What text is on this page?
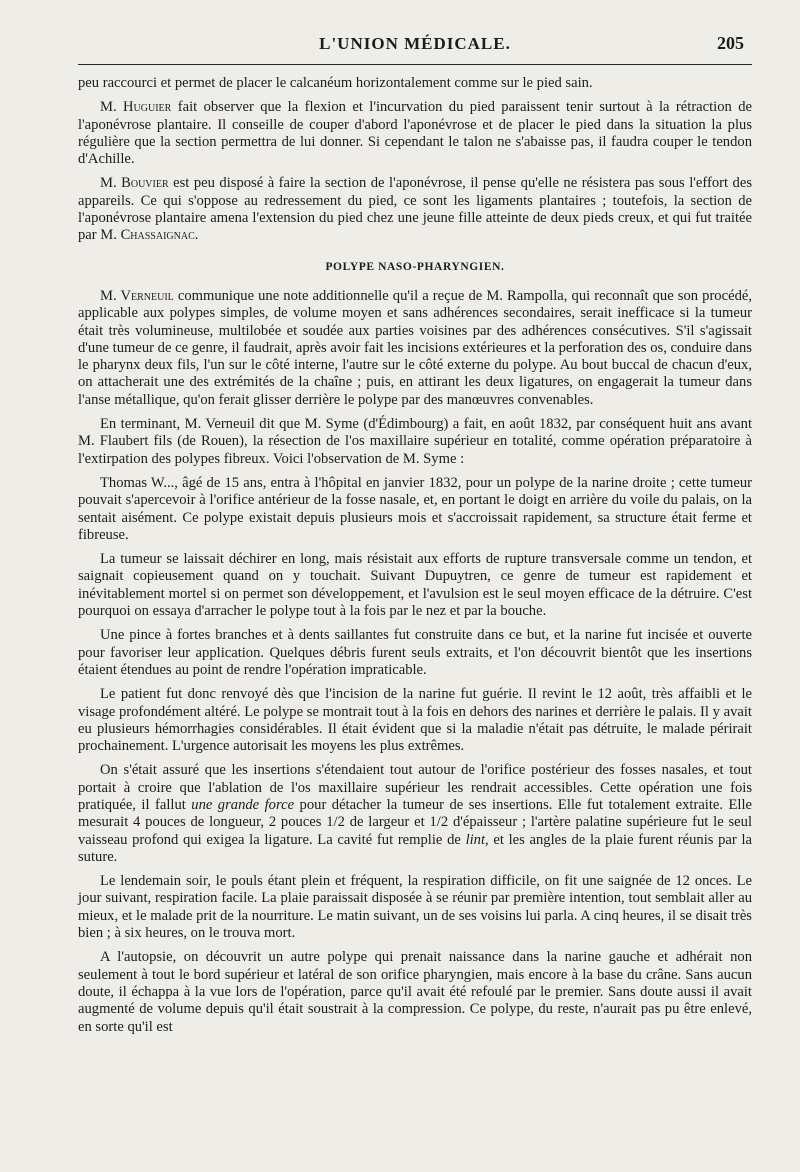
L'UNION MÉDICALE.	205

peu raccourci et permet de placer le calcanéum horizontalement comme sur le pied sain.

M. Huguier fait observer que la flexion et l'incurvation du pied paraissent tenir surtout à la rétraction de l'aponévrose plantaire. Il conseille de couper d'abord l'aponévrose et de placer le pied dans la situation la plus régulière que la section permettra de lui donner. Si cependant le talon ne s'abaisse pas, il faudra couper le tendon d'Achille.

M. Bouvier est peu disposé à faire la section de l'aponévrose, il pense qu'elle ne résistera pas sous l'effort des appareils. Ce qui s'oppose au redressement du pied, ce sont les ligaments plantaires ; toutefois, la section de l'aponévrose plantaire amena l'extension du pied chez une jeune fille atteinte de deux pieds creux, et qui fut traitée par M. Chassaignac.

POLYPE NASO-PHARYNGIEN.

M. Verneuil communique une note additionnelle qu'il a reçue de M. Rampolla, qui reconnaît que son procédé, applicable aux polypes simples, de volume moyen et sans adhérences secondaires, serait inefficace si la tumeur était très volumineuse, multilobée et soudée aux parties voisines par des adhérences consécutives. S'il s'agissait d'une tumeur de ce genre, il faudrait, après avoir fait les incisions extérieures et la perforation des os, conduire dans le pharynx deux fils, l'un sur le côté interne, l'autre sur le côté externe du polype. Au bout buccal de chacun d'eux, on attacherait une des extrémités de la chaîne ; puis, en attirant les deux ligatures, on engagerait la tumeur dans l'anse métallique, qu'on ferait glisser derrière le polype par des manœuvres convenables.

En terminant, M. Verneuil dit que M. Syme (d'Édimbourg) a fait, en août 1832, par conséquent huit ans avant M. Flaubert fils (de Rouen), la résection de l'os maxillaire supérieur en totalité, comme opération préparatoire à l'extirpation des polypes fibreux. Voici l'observation de M. Syme :

Thomas W..., âgé de 15 ans, entra à l'hôpital en janvier 1832, pour un polype de la narine droite ; cette tumeur pouvait s'apercevoir à l'orifice antérieur de la fosse nasale, et, en portant le doigt en arrière du voile du palais, on la sentait aisément. Ce polype existait depuis plusieurs mois et s'accroissait rapidement, sa structure était ferme et fibreuse.

La tumeur se laissait déchirer en long, mais résistait aux efforts de rupture transversale comme un tendon, et saignait copieusement quand on y touchait. Suivant Dupuytren, ce genre de tumeur est rapidement et inévitablement mortel si on permet son développement, et l'avulsion est le seul moyen efficace de la détruire. C'est pourquoi on essaya d'arracher le polype tout à la fois par le nez et par la bouche.

Une pince à fortes branches et à dents saillantes fut construite dans ce but, et la narine fut incisée et ouverte pour favoriser leur application. Quelques débris furent seuls extraits, et l'on découvrit bientôt que les insertions étaient étendues au point de rendre l'opération impraticable.

Le patient fut donc renvoyé dès que l'incision de la narine fut guérie. Il revint le 12 août, très affaibli et le visage profondément altéré. Le polype se montrait tout à la fois en dehors des narines et derrière le palais. Il y avait eu plusieurs hémorrhagies considérables. Il était évident que si la maladie n'était pas détruite, le malade périrait prochainement. L'urgence autorisait les moyens les plus extrêmes.

On s'était assuré que les insertions s'étendaient tout autour de l'orifice postérieur des fosses nasales, et tout portait à croire que l'ablation de l'os maxillaire supérieur les rendrait accessibles. Cette opération une fois pratiquée, il fallut une grande force pour détacher la tumeur de ses insertions. Elle fut totalement extraite. Elle mesurait 4 pouces de longueur, 2 pouces 1/2 de largeur et 1/2 d'épaisseur ; l'artère palatine supérieure fut le seul vaisseau profond qui exigea la ligature. La cavité fut remplie de lint, et les angles de la plaie furent réunis par la suture.

Le lendemain soir, le pouls étant plein et fréquent, la respiration difficile, on fit une saignée de 12 onces. Le jour suivant, respiration facile. La plaie paraissait disposée à se réunir par première intention, tout semblait aller au mieux, et le malade prit de la nourriture. Le matin suivant, un de ses voisins lui parla. A cinq heures, il se disait très bien ; à six heures, on le trouva mort.

A l'autopsie, on découvrit un autre polype qui prenait naissance dans la narine gauche et adhérait non seulement à tout le bord supérieur et latéral de son orifice pharyngien, mais encore à la base du crâne. Sans aucun doute, il échappa à la vue lors de l'opération, parce qu'il avait été refoulé par le premier. Sans doute aussi il avait augmenté de volume depuis qu'il était soustrait à la compression. Ce polype, du reste, n'aurait pas pu être enlevé, en sorte qu'il est
